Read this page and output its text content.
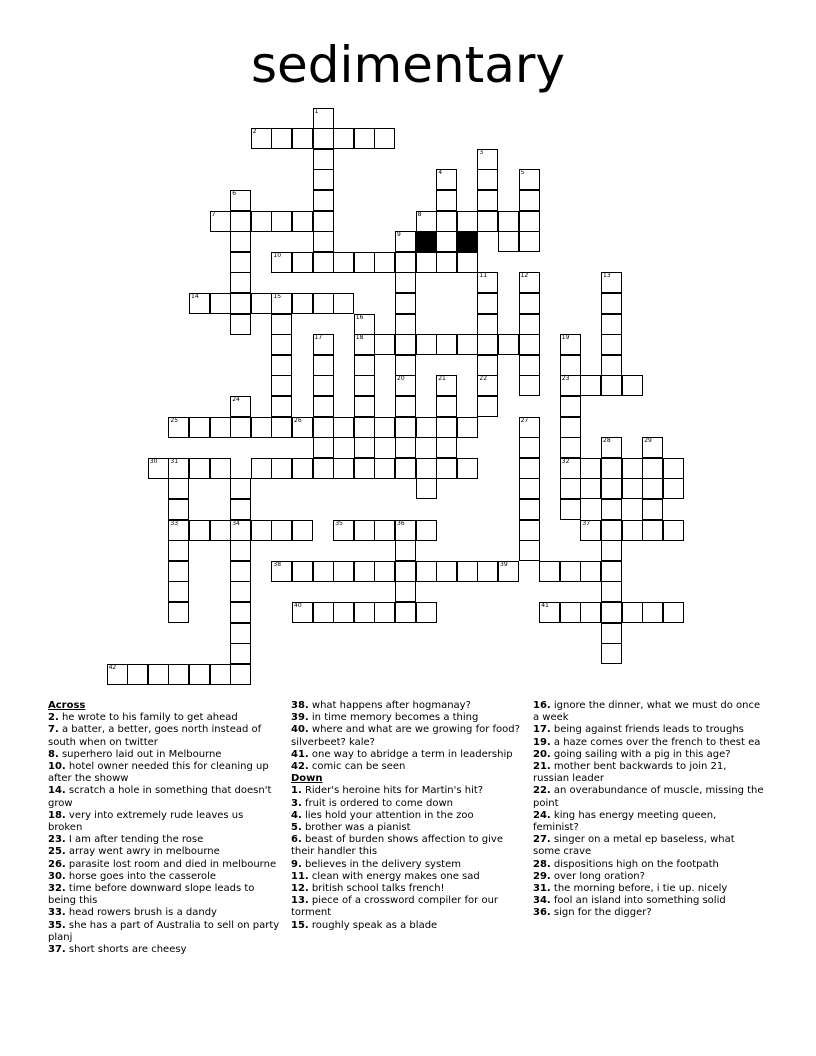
sedimentary
1
2
3
4	5
6
7	8
9
10
20
11
22
12	13
14
16
18
17	19
23
32
21
24
25	26	27
28	29
30 31
33	34	35	36	37
38	39
40	41
42
15
Across
2. he wrote to his family to get ahead
7. a batter, a better, goes north instead of south when on twitter
8. superhero laid out in Melbourne
10. hotel owner needed this for cleaning up after the showw
14. scratch a hole in something that doesn't grow
18. very into extremely rude leaves us broken
23. I am after tending the rose
25. array went awry in melbourne
26. parasite lost room and died in melbourne
30. horse goes into the casserole
32. time before downward slope leads to being this
33. head rowers brush is a dandy
35. she has a part of Australia to sell on party planj
37. short shorts are cheesy
38. what happens after hogmanay?
39. in time memory becomes a thing
40. where and what are we growing for food? silverbeet? kale?
41. one way to abridge a term in leadership
42. comic can be seen
Down
1. Rider's heroine hits for Martin's hit?
3. fruit is ordered to come down
4. lies hold your attention in the zoo
5. brother was a pianist
6. beast of burden shows affection to give their handler this
9. believes in the delivery system
11. clean with energy makes one sad
12. british school talks french!
13. piece of a crossword compiler for our torment
15. roughly speak as a blade
16. ignore the dinner, what we must do once a week
17. being against friends leads to troughs
19. a haze comes over the french to thest ea
20. going sailing with a pig in this age?
21. mother bent backwards to join 21, russian leader
22. an overabundance of muscle, missing the point
24. king has energy meeting queen, feminist?
27. singer on a metal ep baseless, what some crave
28. dispositions high on the footpath
29. over long oration?
31. the morning before, i tie up. nicely
34. fool an island into something solid
36. sign for the digger?
